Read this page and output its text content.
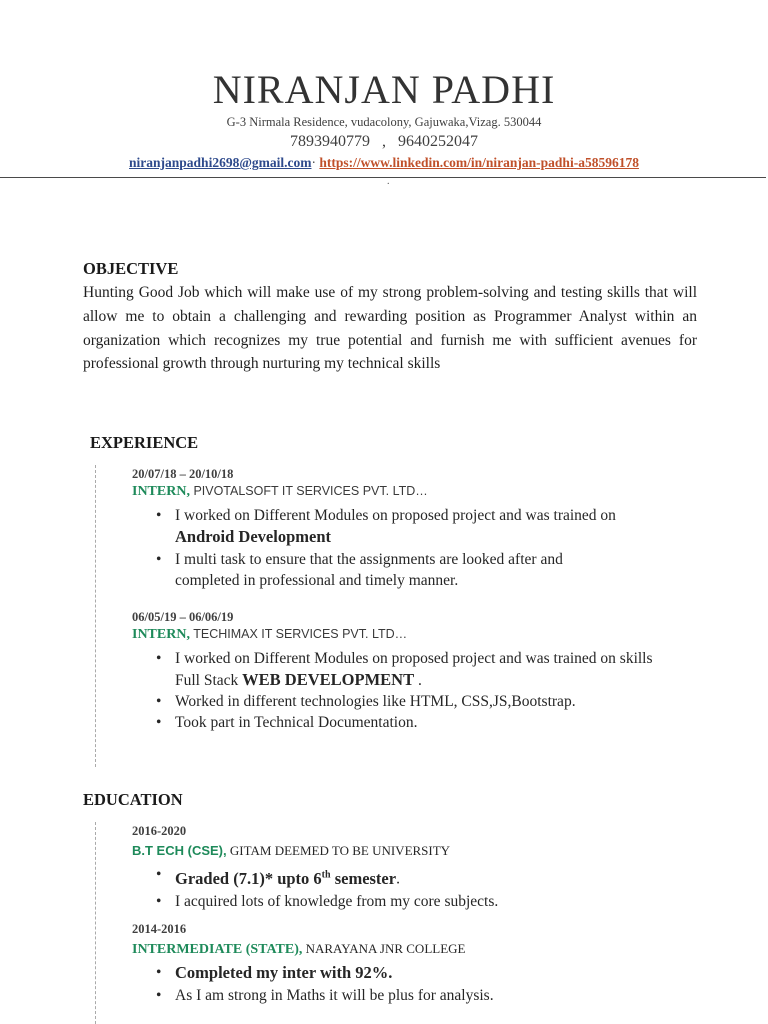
NIRANJAN PADHI
G-3 Nirmala Residence, vudacolony, Gajuwaka,Vizag. 530044
7893940779   ,   9640252047
niranjanpadhi2698@gmail.com· https://www.linkedin.com/in/niranjan-padhi-a58596178
.
OBJECTIVE
Hunting Good Job which will make use of my strong problem-solving and testing skills that will allow me to obtain a challenging and rewarding position as Programmer Analyst within an organization which recognizes my true potential and furnish me with sufficient avenues for professional growth through nurturing my technical skills
EXPERIENCE
20/07/18 – 20/10/18
INTERN, PIVOTALSOFT IT SERVICES PVT. LTD…
• I worked on Different Modules on proposed project and was trained on
Android Development
• I multi task to ensure that the assignments are looked after and completed in professional and timely manner.
06/05/19 – 06/06/19
INTERN, TECHIMAX IT SERVICES PVT. LTD…
• I worked on Different Modules on proposed project and was trained on skills Full Stack WEB DEVELOPMENT .
• Worked in different technologies like HTML, CSS,JS,Bootstrap.
• Took part in Technical Documentation.
EDUCATION
2016-2020
B.T ECH (CSE), GITAM DEEMED TO BE UNIVERSITY
• Graded (7.1)* upto 6th semester.
• I acquired lots of knowledge from my core subjects.
2014-2016
INTERMEDIATE (STATE), NARAYANA JNR COLLEGE
• Completed my inter with 92%.
• As I am strong in Maths it will be plus for analysis.
